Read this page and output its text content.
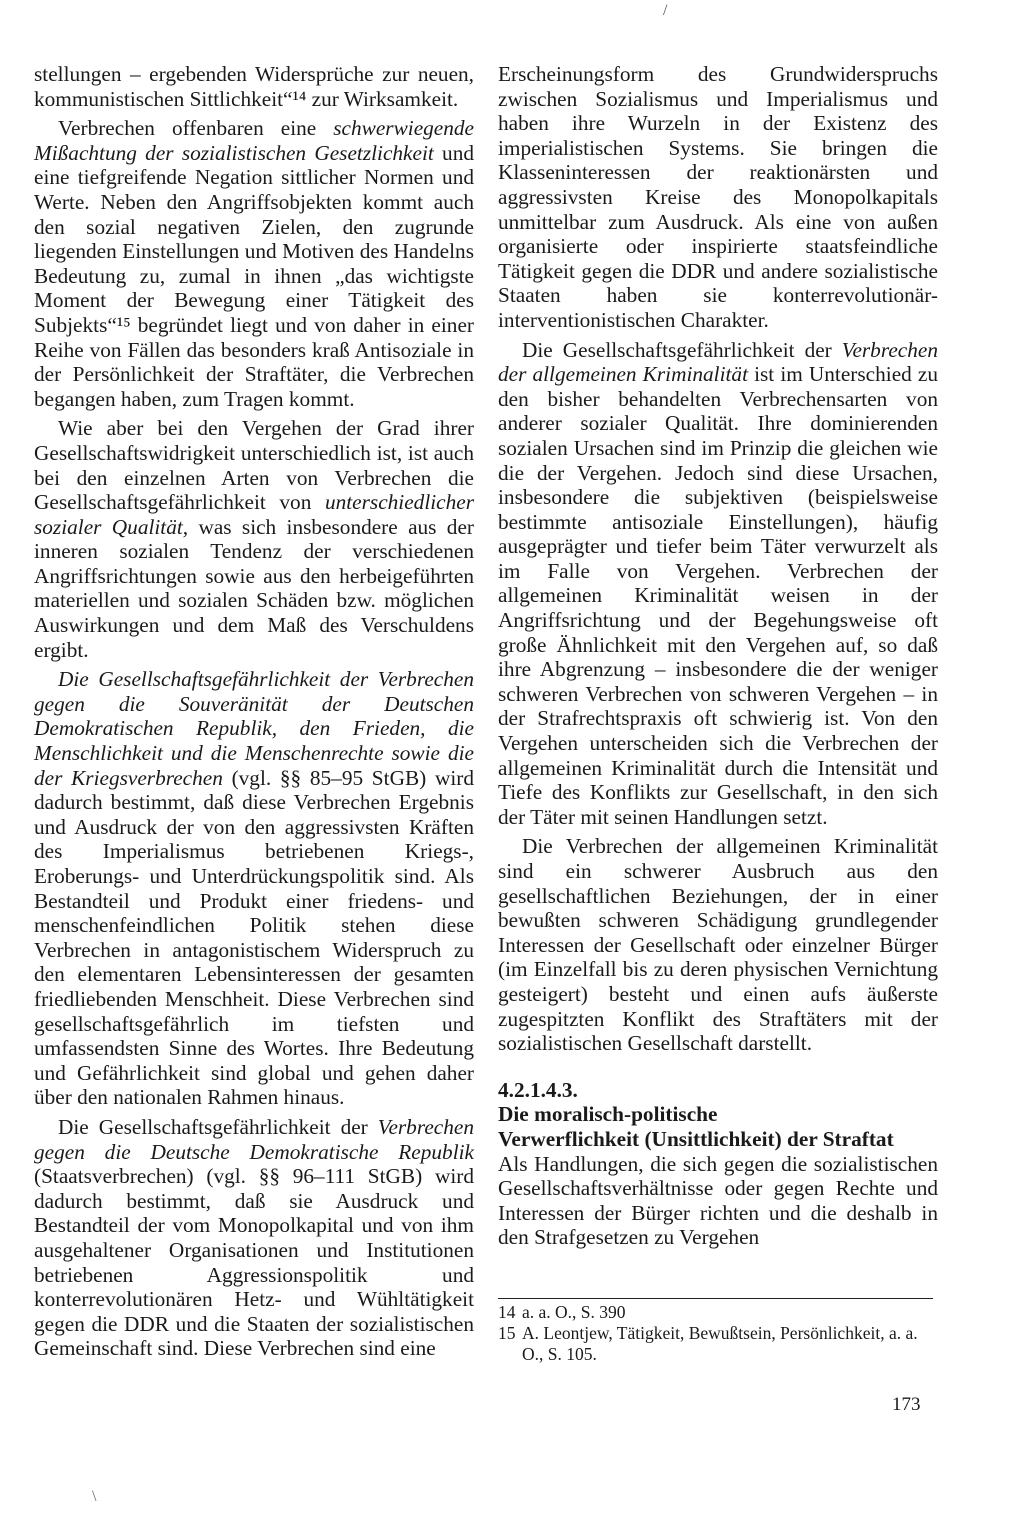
/

stellungen – ergebenden Widersprüche zur neuen, kommunistischen Sittlichkeit“¹⁴ zur Wirksamkeit.

Verbrechen offenbaren eine schwerwiegende Mißachtung der sozialistischen Gesetzlichkeit und eine tiefgreifende Negation sittlicher Normen und Werte. Neben den Angriffsobjekten kommt auch den sozial negativen Zielen, den zugrunde liegenden Einstellungen und Motiven des Handelns Bedeutung zu, zumal in ihnen „das wichtigste Moment der Bewegung einer Tätigkeit des Subjekts“¹⁵ begründet liegt und von daher in einer Reihe von Fällen das besonders kraß Antisoziale in der Persönlichkeit der Straftäter, die Verbrechen begangen haben, zum Tragen kommt.

Wie aber bei den Vergehen der Grad ihrer Gesellschaftswidrigkeit unterschiedlich ist, ist auch bei den einzelnen Arten von Verbrechen die Gesellschaftsgefährlichkeit von unterschiedlicher sozialer Qualität, was sich insbesondere aus der inneren sozialen Tendenz der verschiedenen Angriffsrichtungen sowie aus den herbeigeführten materiellen und sozialen Schäden bzw. möglichen Auswirkungen und dem Maß des Verschuldens ergibt.

Die Gesellschaftsgefährlichkeit der Verbrechen gegen die Souveränität der Deutschen Demokratischen Republik, den Frieden, die Menschlichkeit und die Menschenrechte sowie die der Kriegsverbrechen (vgl. §§ 85–95 StGB) wird dadurch bestimmt, daß diese Verbrechen Ergebnis und Ausdruck der von den aggressivsten Kräften des Imperialismus betriebenen Kriegs-, Eroberungs- und Unterdrückungspolitik sind. Als Bestandteil und Produkt einer friedens- und menschenfeindlichen Politik stehen diese Verbrechen in antagonistischem Widerspruch zu den elementaren Lebensinteressen der gesamten friedliebenden Menschheit. Diese Verbrechen sind gesellschaftsgefährlich im tiefsten und umfassendsten Sinne des Wortes. Ihre Bedeutung und Gefährlichkeit sind global und gehen daher über den nationalen Rahmen hinaus.

Die Gesellschaftsgefährlichkeit der Verbrechen gegen die Deutsche Demokratische Republik (Staatsverbrechen) (vgl. §§ 96–111 StGB) wird dadurch bestimmt, daß sie Ausdruck und Bestandteil der vom Monopolkapital und von ihm ausgehaltener Organisationen und Institutionen betriebenen Aggressionspolitik und konterrevolutionären Hetz- und Wühltätigkeit gegen die DDR und die Staaten der sozialistischen Gemeinschaft sind. Diese Verbrechen sind eine

Erscheinungsform des Grundwiderspruchs zwischen Sozialismus und Imperialismus und haben ihre Wurzeln in der Existenz des imperialistischen Systems. Sie bringen die Klasseninteressen der reaktionärsten und aggressivsten Kreise des Monopolkapitals unmittelbar zum Ausdruck. Als eine von außen organisierte oder inspirierte staatsfeindliche Tätigkeit gegen die DDR und andere sozialistische Staaten haben sie konterrevolutionär-interventionistischen Charakter.

Die Gesellschaftsgefährlichkeit der Verbrechen der allgemeinen Kriminalität ist im Unterschied zu den bisher behandelten Verbrechensarten von anderer sozialer Qualität. Ihre dominierenden sozialen Ursachen sind im Prinzip die gleichen wie die der Vergehen. Jedoch sind diese Ursachen, insbesondere die subjektiven (beispielsweise bestimmte antisoziale Einstellungen), häufig ausgeprägter und tiefer beim Täter verwurzelt als im Falle von Vergehen. Verbrechen der allgemeinen Kriminalität weisen in der Angriffsrichtung und der Begehungsweise oft große Ähnlichkeit mit den Vergehen auf, so daß ihre Abgrenzung – insbesondere die der weniger schweren Verbrechen von schweren Vergehen – in der Strafrechtspraxis oft schwierig ist. Von den Vergehen unterscheiden sich die Verbrechen der allgemeinen Kriminalität durch die Intensität und Tiefe des Konflikts zur Gesellschaft, in den sich der Täter mit seinen Handlungen setzt.

Die Verbrechen der allgemeinen Kriminalität sind ein schwerer Ausbruch aus den gesellschaftlichen Beziehungen, der in einer bewußten schweren Schädigung grundlegender Interessen der Gesellschaft oder einzelner Bürger (im Einzelfall bis zu deren physischen Vernichtung gesteigert) besteht und einen aufs äußerste zugespitzten Konflikt des Straftäters mit der sozialistischen Gesellschaft darstellt.

4.2.1.4.3.
Die moralisch-politische
Verwerflichkeit (Unsittlichkeit) der Straftat

Als Handlungen, die sich gegen die sozialistischen Gesellschaftsverhältnisse oder gegen Rechte und Interessen der Bürger richten und die deshalb in den Strafgesetzen zu Vergehen

14 a. a. O., S. 390
15 A. Leontjew, Tätigkeit, Bewußtsein, Persönlichkeit, a. a. O., S. 105.
173
\
